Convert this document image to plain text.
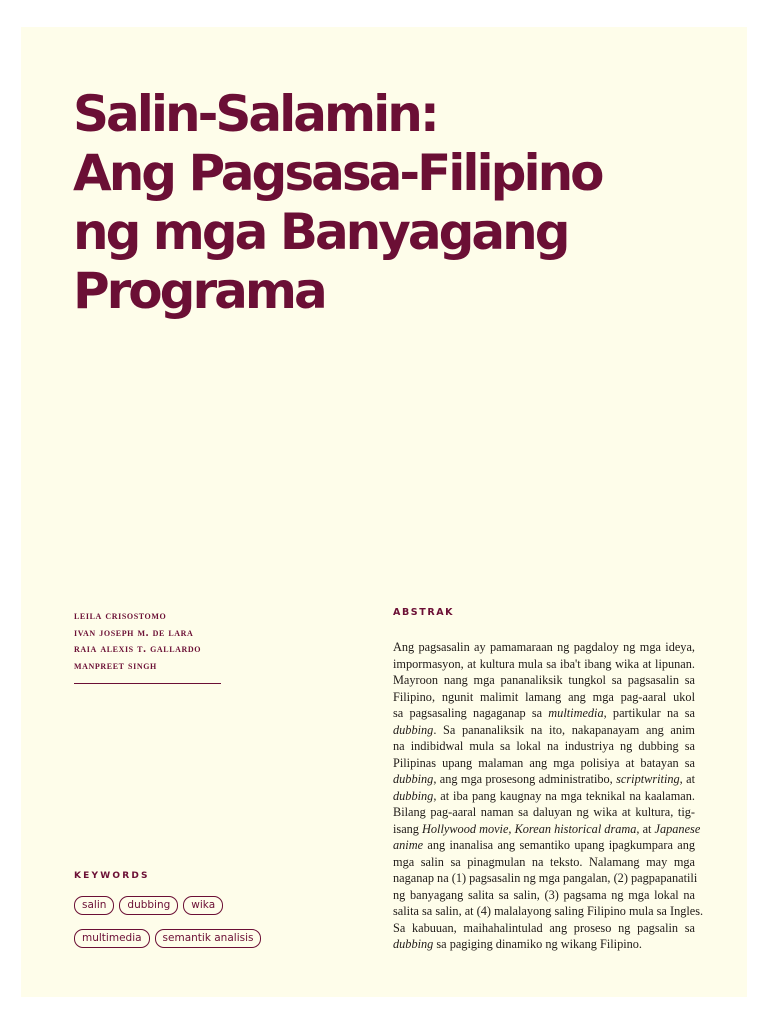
Salin-Salamin:
Ang Pagsasa-Filipino
ng mga Banyagang
Programa
leila crisostomo
ivan joseph m. de lara
raia alexis t. gallardo
manpreet singh
KEYWORDS
salin	dubbing	wika
multimedia	semantik analisis
ABSTRAK
Ang pagsasalin ay pamamaraan ng pagdaloy ng mga ideya,
impormasyon, at kultura mula sa iba't ibang wika at lipunan.
Mayroon nang mga pananaliksik tungkol sa pagsasalin sa
Filipino, ngunit malimit lamang ang mga pag-aaral ukol
sa pagsasaling nagaganap sa multimedia, partikular na sa
dubbing. Sa pananaliksik na ito, nakapanayam ang anim
na indibidwal mula sa lokal na industriya ng dubbing sa
Pilipinas upang malaman ang mga polisiya at batayan sa
dubbing, ang mga prosesong administratibo, scriptwriting, at
dubbing, at iba pang kaugnay na mga teknikal na kaalaman.
Bilang pag-aaral naman sa daluyan ng wika at kultura, tig-
isang Hollywood movie, Korean historical drama, at Japanese
anime ang inanalisa ang semantiko upang ipagkumpara ang
mga salin sa pinagmulan na teksto. Nalamang may mga
naganap na (1) pagsasalin ng mga pangalan, (2) pagpapanatili
ng banyagang salita sa salin, (3) pagsama ng mga lokal na
salita sa salin, at (4) malalayong saling Filipino mula sa Ingles.
Sa kabuuan, maihahalintulad ang proseso ng pagsalin sa
dubbing sa pagiging dinamiko ng wikang Filipino.
